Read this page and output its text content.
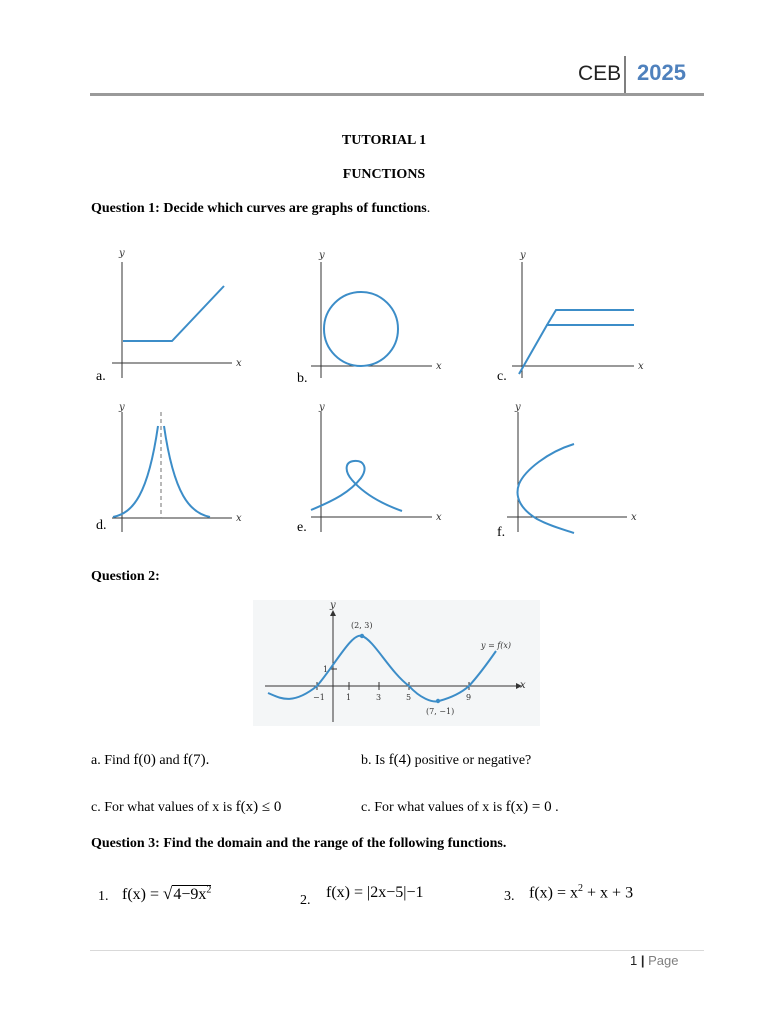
CEB 2025
TUTORIAL 1
FUNCTIONS
Question 1: Decide which curves are graphs of functions.
a.	b.	c.
d.	e.	f.
y
x
y
x
y
x
y
x
y
x
y
x
Question 2:
y
x
−1	1	3	5	9
1
(2, 3)
(7, −1)
y = f(x)
a. Find f(0) and f(7).	b. Is f(4) positive or negative?
c. For what values of x is f(x) ≤ 0	c. For what values of x is f(x) = 0 .
Question 3: Find the domain and the range of the following functions.
1. $f(x) = √4-9x^2$
2. f(x) = |2x−5|−1	3. $f(x) = x^2 + x + 3$
1 | Page
